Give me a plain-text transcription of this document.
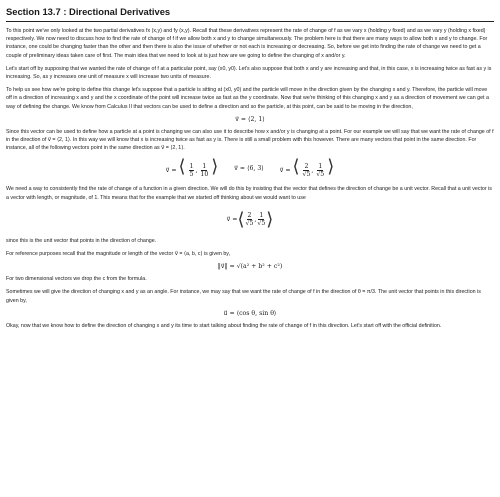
Section 13.7 : Directional Derivatives

To this point we've only looked at the two partial derivatives fx (x,y) and fy (x,y). Recall that these derivatives represent the rate of change of f as we vary x (holding y fixed) and as we vary y (holding x fixed) respectively. We now need to discuss how to find the rate of change of f if we allow both x and y to change simultaneously. The problem here is that there are many ways to allow both x and y to change. For instance, one could be changing faster than the other and then there is also the issue of whether or not each is increasing or decreasing. So, before we get into finding the rate of change we need to get a couple of preliminary ideas taken care of first. The main idea that we need to look at is just how are we going to define the changing of x and/or y.

Let's start off by supposing that we wanted the rate of change of f at a particular point, say (x0, y0). Let's also suppose that both x and y are increasing and that, in this case, x is increasing twice as fast as y is increasing. So, as y increases one unit of measure x will increase two units of measure.

To help us see how we're going to define this change let's suppose that a particle is sitting at (x0, y0) and the particle will move in the direction given by the changing x and y. Therefore, the particle will move off in a direction of increasing x and y and the x coordinate of the point will increase twice as fast as the y coordinate. Now that we're thinking of this changing x and y as a direction of movement we can get a way of defining the change. We know from Calculus II that vectors can be used to define a direction and so the particle, at this point, can be said to be moving in the direction,

v⃗ = ⟨2, 1⟩

Since this vector can be used to define how a particle at a point is changing we can also use it to describe how x and/or y is changing at a point. For our example we will say that we want the rate of change of f in the direction of v⃗ = ⟨2, 1⟩. In this way we will know that x is increasing twice as fast as y is. There is still a small problem with this however. There are many vectors that point in the same direction. For instance, all of the following vectors point in the same direction as v⃗ = ⟨2, 1⟩.

v⃗ = ⟨ $\frac{1}{5}$ , $\frac{1}{10}$ ⟩	v⃗ = ⟨6, 3⟩	v⃗ = ⟨ $\frac{2}{√5}$ , $\frac{1}{√5}$ ⟩

We need a way to consistently find the rate of change of a function in a given direction. We will do this by insisting that the vector that defines the direction of change be a unit vector. Recall that a unit vector is a vector with length, or magnitude, of 1. This means that for the example that we started off thinking about we would want to use

v⃗ = ⟨ $\frac{2}{√5}$ , $\frac{1}{√5}$ ⟩

since this is the unit vector that points in the direction of change.

For reference purposes recall that the magnitude or length of the vector v⃗ = ⟨a, b, c⟩ is given by,

‖v⃗‖ = √(a² + b² + c²)

For two dimensional vectors we drop the c from the formula.

Sometimes we will give the direction of changing x and y as an angle. For instance, we may say that we want the rate of change of f in the direction of θ = π/3. The unit vector that points in this direction is given by,

u⃗ = ⟨cos θ, sin θ⟩

Okay, now that we know how to define the direction of changing x and y its time to start talking about finding the rate of change of f in this direction. Let's start off with the official definition.
